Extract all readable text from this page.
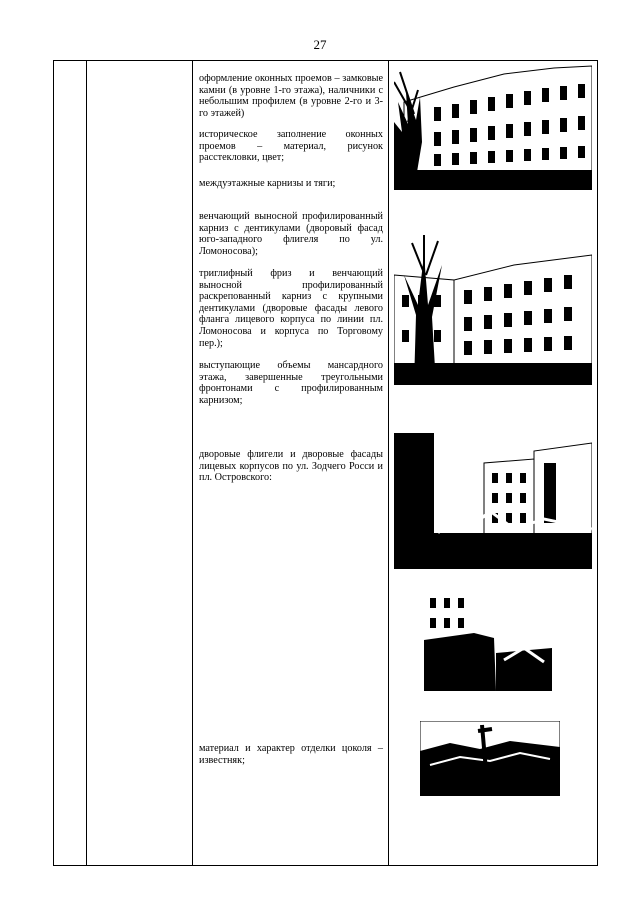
27

оформление оконных проемов – замковые камни (в уровне 1-го этажа), наличники с небольшим профилем (в уровне 2-го и 3-го этажей)

историческое заполнение оконных проемов – материал, рисунок расстекловки, цвет;

междуэтажные карнизы и тяги;

венчающий выносной профилированный карниз с дентикулами (дворовый фасад юго-западного флигеля по ул. Ломоносова);

триглифный фриз и венчающий выносной профилированный раскрепованный карниз с крупными дентикулами (дворовые фасады левого фланга лицевого корпуса по линии пл. Ломоносова и корпуса по Торговому пер.);

выступающие объемы мансардного этажа, завершенные треугольными фронтонами с профилированным карнизом;

дворовые флигели и дворовые фасады лицевых корпусов по ул. Зодчего Росси и пл. Островского:

материал и характер отделки цоколя – известняк;
